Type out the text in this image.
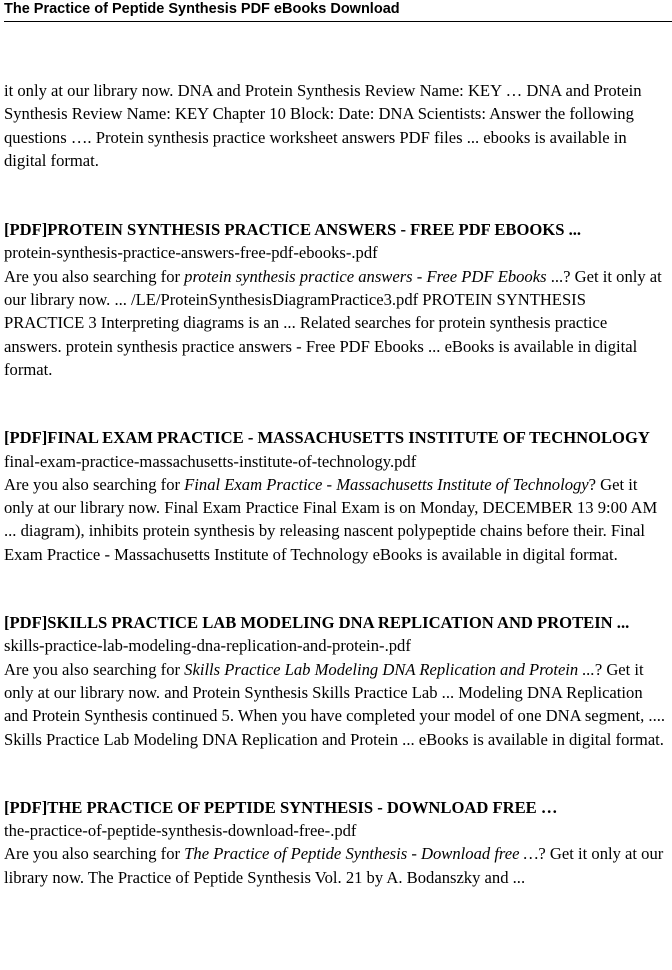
The Practice of Peptide Synthesis PDF eBooks Download

it only at our library now. DNA and Protein Synthesis Review Name: KEY … DNA and Protein Synthesis Review Name: KEY Chapter 10 Block: Date: DNA Scientists: Answer the following questions …. Protein synthesis practice worksheet answers PDF files ... ebooks is available in digital format.

[PDF]PROTEIN SYNTHESIS PRACTICE ANSWERS - FREE PDF EBOOKS ...

protein-synthesis-practice-answers-free-pdf-ebooks-.pdf

Are you also searching for protein synthesis practice answers - Free PDF Ebooks ...? Get it only at our library now. ... /LE/ProteinSynthesisDiagramPractice3.pdf PROTEIN SYNTHESIS PRACTICE 3 Interpreting diagrams is an ... Related searches for protein synthesis practice answers. protein synthesis practice answers - Free PDF Ebooks ... eBooks is available in digital format.

[PDF]FINAL EXAM PRACTICE - MASSACHUSETTS INSTITUTE OF TECHNOLOGY

final-exam-practice-massachusetts-institute-of-technology.pdf

Are you also searching for Final Exam Practice - Massachusetts Institute of Technology? Get it only at our library now. Final Exam Practice Final Exam is on Monday, DECEMBER 13 9:00 AM ... diagram), inhibits protein synthesis by releasing nascent polypeptide chains before their. Final Exam Practice - Massachusetts Institute of Technology eBooks is available in digital format.

[PDF]SKILLS PRACTICE LAB MODELING DNA REPLICATION AND PROTEIN ...

skills-practice-lab-modeling-dna-replication-and-protein-.pdf

Are you also searching for Skills Practice Lab Modeling DNA Replication and Protein ...? Get it only at our library now. and Protein Synthesis Skills Practice Lab ... Modeling DNA Replication and Protein Synthesis continued 5. When you have completed your model of one DNA segment, .... Skills Practice Lab Modeling DNA Replication and Protein ... eBooks is available in digital format.

[PDF]THE PRACTICE OF PEPTIDE SYNTHESIS - DOWNLOAD FREE …

the-practice-of-peptide-synthesis-download-free-.pdf

Are you also searching for The Practice of Peptide Synthesis - Download free …? Get it only at our library now. The Practice of Peptide Synthesis Vol. 21 by A. Bodanszky and ...
